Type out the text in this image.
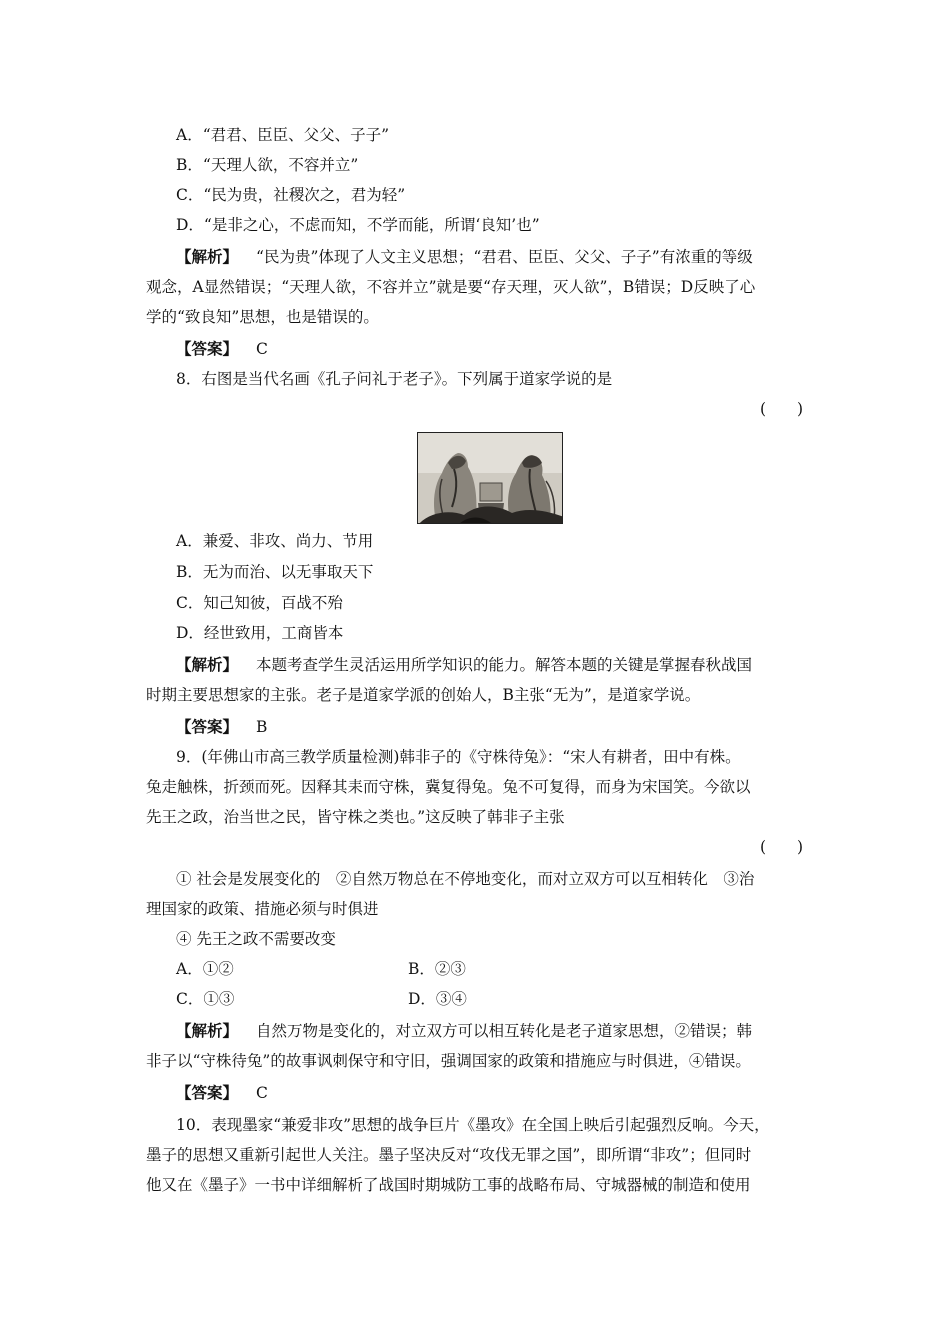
A．“君君、臣臣、父父、子子”
B．“天理人欲，不容并立”
C．“民为贵，社稷次之，君为轻”
D．“是非之心，不虑而知，不学而能，所谓‘良知’也”
【解析】 “民为贵”体现了人文主义思想；“君君、臣臣、父父、子子”有浓重的等级
观念，A显然错误；“天理人欲，不容并立”就是要“存天理，灭人欲”，B错误；D反映了心
学的“致良知”思想，也是错误的。
【答案】 C
8．右图是当代名画《孔子问礼于老子》。下列属于道家学说的是
(　　)
A．兼爱、非攻、尚力、节用
B．无为而治、以无事取天下
C．知己知彼，百战不殆
D．经世致用，工商皆本
【解析】 本题考查学生灵活运用所学知识的能力。解答本题的关键是掌握春秋战国
时期主要思想家的主张。老子是道家学派的创始人，B主张“无为”，是道家学说。
【答案】 B
9．(年佛山市高三教学质量检测)韩非子的《守株待兔》：“宋人有耕者，田中有株。
兔走触株，折颈而死。因释其耒而守株，冀复得兔。兔不可复得，而身为宋国笑。今欲以
先王之政，治当世之民，皆守株之类也。”这反映了韩非子主张
(　　)
① 社会是发展变化的　②自然万物总在不停地变化，而对立双方可以互相转化　③治
理国家的政策、措施必须与时俱进
④ 先王之政不需要改变
A．①②	B．②③
C．①③	D．③④
【解析】 自然万物是变化的，对立双方可以相互转化是老子道家思想，②错误；韩
非子以“守株待兔”的故事讽刺保守和守旧，强调国家的政策和措施应与时俱进，④错误。
【答案】 C
10．表现墨家“兼爱非攻”思想的战争巨片《墨攻》在全国上映后引起强烈反响。今天，
墨子的思想又重新引起世人关注。墨子坚决反对“攻伐无罪之国”，即所谓“非攻”；但同时
他又在《墨子》一书中详细解析了战国时期城防工事的战略布局、守城器械的制造和使用
